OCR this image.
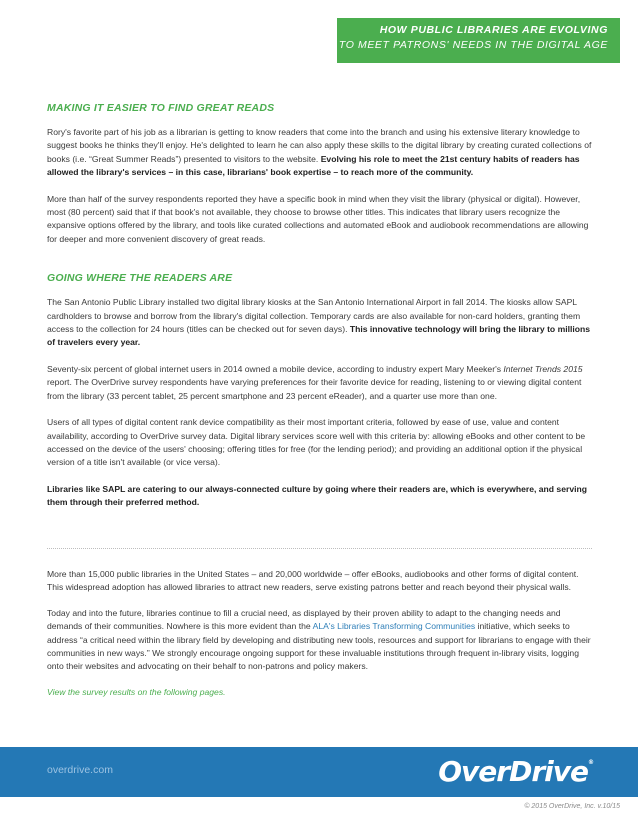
HOW PUBLIC LIBRARIES ARE EVOLVING
TO MEET PATRONS' NEEDS IN THE DIGITAL AGE
MAKING IT EASIER TO FIND GREAT READS

Rory's favorite part of his job as a librarian is getting to know readers that come into the branch and using his extensive literary knowledge to suggest books he thinks they'll enjoy. He's delighted to learn he can also apply these skills to the digital library by creating curated collections of books (i.e. “Great Summer Reads”) presented to visitors to the website. Evolving his role to meet the 21st century habits of readers has allowed the library's services – in this case, librarians' book expertise – to reach more of the community.

More than half of the survey respondents reported they have a specific book in mind when they visit the library (physical or digital). However, most (80 percent) said that if that book's not available, they choose to browse other titles. This indicates that library users recognize the expansive options offered by the library, and tools like curated collections and automated eBook and audiobook recommendations are allowing for deeper and more convenient discovery of great reads.

GOING WHERE THE READERS ARE

The San Antonio Public Library installed two digital library kiosks at the San Antonio International Airport in fall 2014. The kiosks allow SAPL cardholders to browse and borrow from the library's digital collection. Temporary cards are also available for non-card holders, granting them access to the collection for 24 hours (titles can be checked out for seven days). This innovative technology will bring the library to millions of travelers every year.

Seventy-six percent of global internet users in 2014 owned a mobile device, according to industry expert Mary Meeker's Internet Trends 2015 report. The OverDrive survey respondents have varying preferences for their favorite device for reading, listening to or viewing digital content from the library (33 percent tablet, 25 percent smartphone and 23 percent eReader), and a quarter use more than one.

Users of all types of digital content rank device compatibility as their most important criteria, followed by ease of use, value and content availability, according to OverDrive survey data. Digital library services score well with this criteria by: allowing eBooks and other content to be accessed on the device of the users' choosing; offering titles for free (for the lending period); and providing an additional option if the physical version of a title isn't available (or vice versa).

Libraries like SAPL are catering to our always-connected culture by going where their readers are, which is everywhere, and serving them through their preferred method.

More than 15,000 public libraries in the United States – and 20,000 worldwide – offer eBooks, audiobooks and other forms of digital content. This widespread adoption has allowed libraries to attract new readers, serve existing patrons better and reach beyond their physical walls.

Today and into the future, libraries continue to fill a crucial need, as displayed by their proven ability to adapt to the changing needs and demands of their communities. Nowhere is this more evident than the ALA's Libraries Transforming Communities initiative, which seeks to address “a critical need within the library field by developing and distributing new tools, resources and support for librarians to engage with their communities in new ways.” We strongly encourage ongoing support for these invaluable institutions through frequent in-library visits, logging onto their websites and advocating on their behalf to non-patrons and policy makers.

View the survey results on the following pages.

overdrive.com	OverDrive®
© 2015 OverDrive, Inc. v.10/15
